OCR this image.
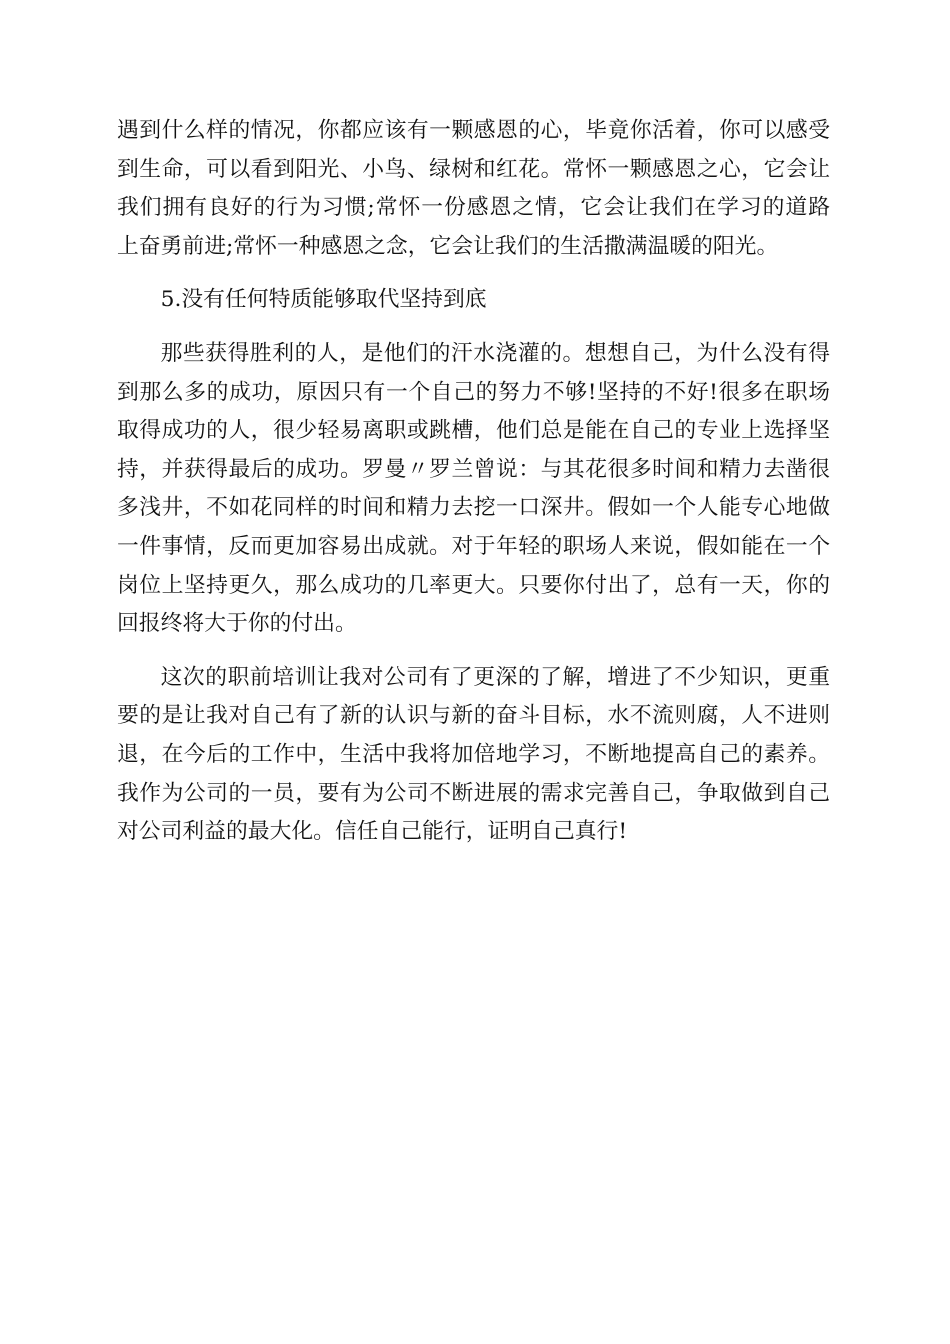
遇到什么样的情况，你都应该有一颗感恩的心，毕竟你活着，你可以感受
到生命，可以看到阳光、小鸟、绿树和红花。常怀一颗感恩之心，它会让
我们拥有良好的行为习惯;常怀一份感恩之情，它会让我们在学习的道路
上奋勇前进;常怀一种感恩之念，它会让我们的生活撒满温暖的阳光。
5.没有任何特质能够取代坚持到底
那些获得胜利的人，是他们的汗水浇灌的。想想自己，为什么没有得
到那么多的成功，原因只有一个自己的努力不够!坚持的不好!很多在职场
取得成功的人，很少轻易离职或跳槽，他们总是能在自己的专业上选择坚
持，并获得最后的成功。罗曼〃罗兰曾说：与其花很多时间和精力去凿很
多浅井，不如花同样的时间和精力去挖一口深井。假如一个人能专心地做
一件事情，反而更加容易出成就。对于年轻的职场人来说，假如能在一个
岗位上坚持更久，那么成功的几率更大。只要你付出了，总有一天，你的
回报终将大于你的付出。
这次的职前培训让我对公司有了更深的了解，增进了不少知识，更重
要的是让我对自己有了新的认识与新的奋斗目标，水不流则腐，人不进则
退，在今后的工作中，生活中我将加倍地学习，不断地提高自己的素养。
我作为公司的一员，要有为公司不断进展的需求完善自己，争取做到自己
对公司利益的最大化。信任自己能行，证明自己真行!
